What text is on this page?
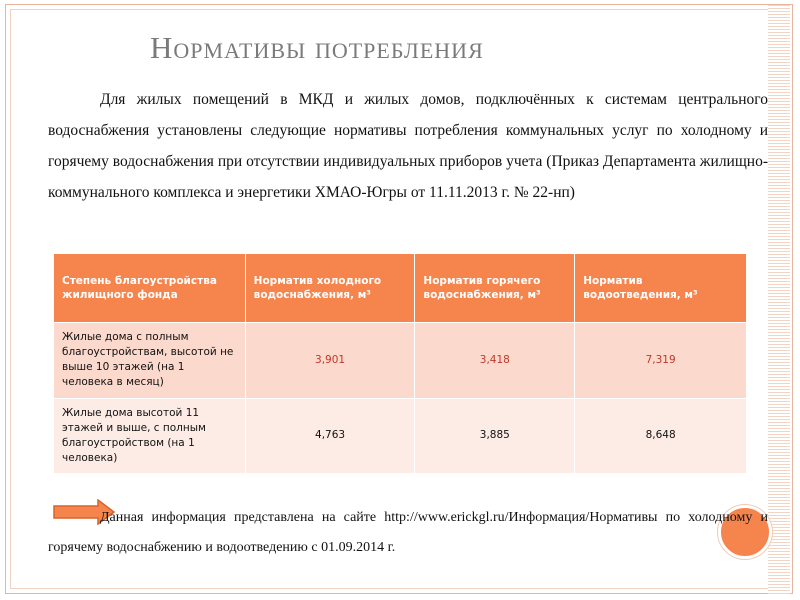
Нормативы потребления

Для жилых помещений в МКД и жилых домов, подключённых к системам центрального водоснабжения установлены следующие нормативы потребления коммунальных услуг по холодному и горячему водоснабжения при отсутствии индивидуальных приборов учета (Приказ Департамента жилищно-коммунального комплекса и энергетики ХМАО-Югры от 11.11.2013 г. № 22-нп)

Степень благоустройства жилищного фонда	Норматив холодного водоснабжения, м³	Норматив горячего водоснабжения, м³	Норматив водоотведения, м³
Жилые дома с полным благоустройствам, высотой не выше 10 этажей (на 1 человека в месяц)	3,901	3,418	7,319
Жилые дома высотой 11 этажей и выше, с полным благоустройством (на 1 человека)	4,763	3,885	8,648

Данная информация представлена на сайте http://www.erickgl.ru/Информация/Нормативы по холодному и горячему водоснабжению и водоотведению с 01.09.2014 г.
